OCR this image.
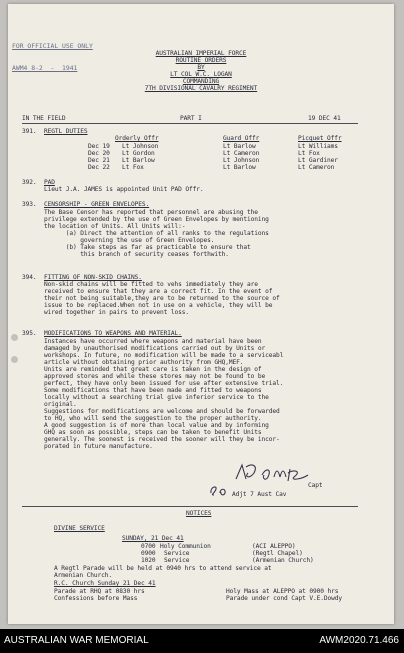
FOR OFFICIAL USE ONLY

AWM4 8-2  -  1941

AUSTRALIAN IMPERIAL FORCE
ROUTINE ORDERS
BY
LT COL W.C. LOGAN
COMMANDING
7TH DIVISIONAL CAVALRY REGIMENT
IN THE FIELD	PART I	19 DEC 41
391. REGTL DUTIES
Orderly Offr	Guard Offr	Picquet Offr
Dec 19 Lt Johnson	Lt Barlow	Lt Williams
Dec 20 Lt Gordon	Lt Cameron	Lt Fox
Dec 21 Lt Barlow	Lt Johnson	Lt Gardiner
Dec 22 Lt Fox	Lt Barlow	Lt Cameron
392. PAD
Lieut J.A. JAMES is appointed Unit PAD Offr.
393. CENSORSHIP - GREEN ENVELOPES.
The Base Censor has reported that personnel are abusing the
privilege extended by the use of Green Envelopes by mentioning
the location of Units. All Units will:-
(a) Direct the attention of all ranks to the regulations
governing the use of Green Envelopes.
(b) Take steps as far as practicable to ensure that
this branch of security ceases forthwith.
394. FITTING OF NON-SKID CHAINS.
Non-skid chains will be fitted to vehs immediately they are
received to ensure that they are a correct fit. In the event of
their not being suitable,they are to be returned to the source of
issue to be replaced.When not in use on a vehicle, they will be
wired together in pairs to prevent loss.
395. MODIFICATIONS TO WEAPONS AND MATERIAL.
Instances have occurred where weapons and material have been
damaged by unauthorised modifications carried out by Units or
workshops. In future, no modification will be made to a serviceabl
article without obtaining prior authority from GHQ,MEF.
Units are reminded that great care is taken in the design of
approved stores and while these stores may not be found to be
perfect, they have only been issued for use after extensive trial.
Some modifications that have been made and fitted to weapons
locally without a searching trial give inferior service to the
original.
Suggestions for modifications are welcome and should be forwarded
to HQ, who will send the suggestion to the proper authority.
A good suggestion is of more than local value and by informing
GHQ as soon as possible, steps can be taken to benefit Units
generally. The soonest is received the sooner will they be incor-
porated in future manufacture.
Capt
Adjt 7 Aust Cav
NOTICES
DIVINE SERVICE
SUNDAY, 21 Dec 41
0700 Holy Communion	(ACI ALEPPO)
0900 Service	(Regtl Chapel)
1020 Service	(Armenian Church)
A Regtl Parade will be held at 0940 hrs to attend service at
Armenian Church.
R.C. Church Sunday 21 Dec 41
Parade at RHQ at 0830 hrs	Holy Mass at ALEPPO at 0900 hrs
Confessions before Mass	Parade under cond Capt V.E.Dowdy
AUSTRALIAN WAR MEMORIAL	AWM2020.71.466
